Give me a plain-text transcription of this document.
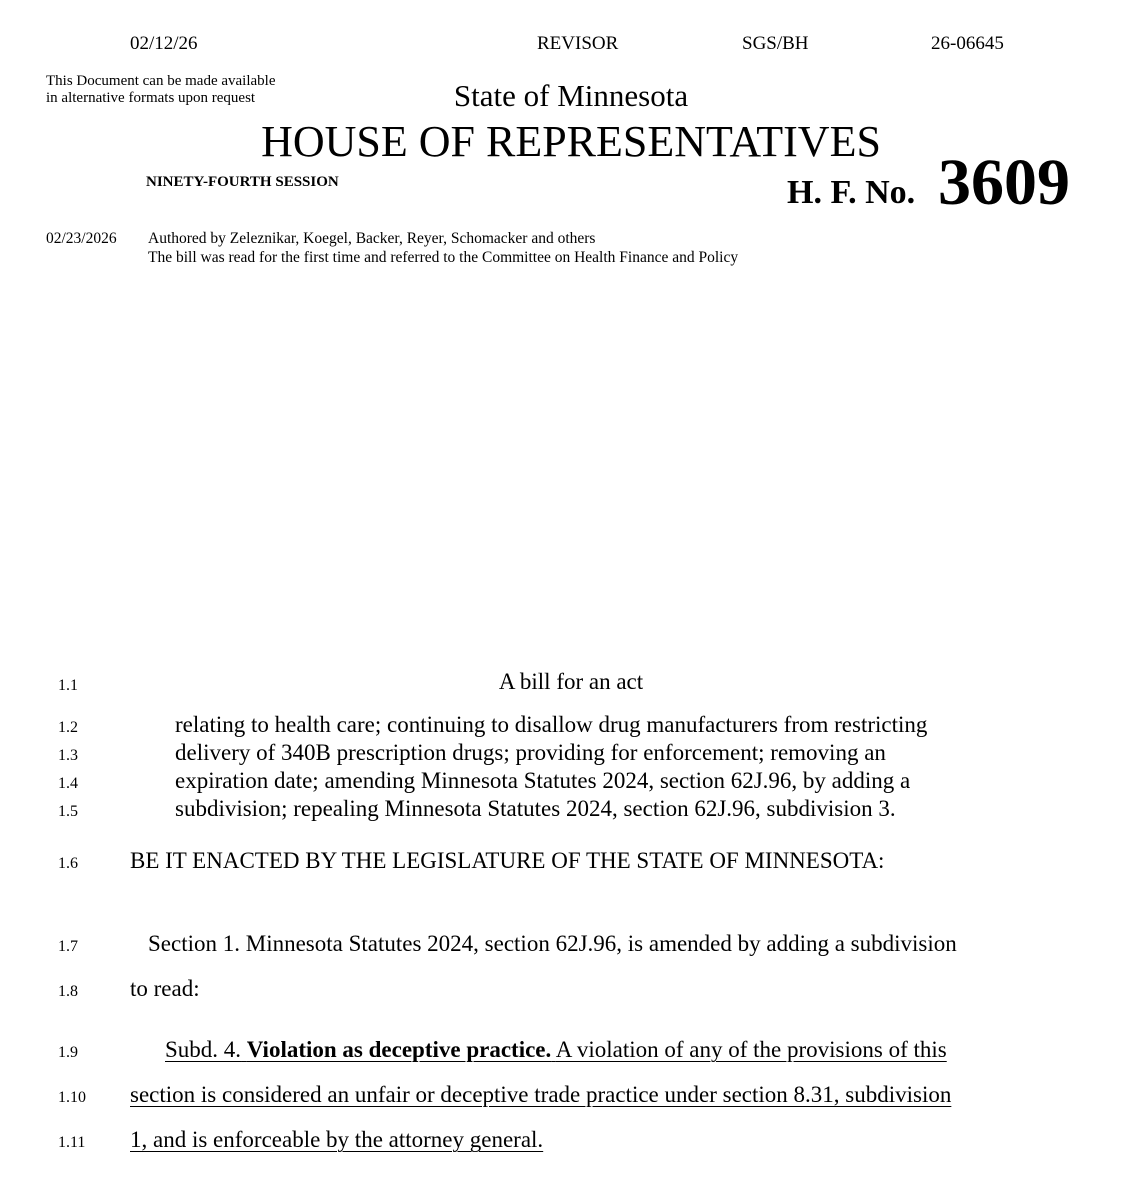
02/12/26	REVISOR	SGS/BH	26-06645
This Document can be made available
in alternative formats upon request	State of Minnesota
HOUSE OF REPRESENTATIVES
NINETY-FOURTH SESSION	H. F. No. 3609
02/23/2026 Authored by Zeleznikar, Koegel, Backer, Reyer, Schomacker and others
The bill was read for the first time and referred to the Committee on Health Finance and Policy
1.1	A bill for an act
1.2	relating to health care; continuing to disallow drug manufacturers from restricting
1.3	delivery of 340B prescription drugs; providing for enforcement; removing an
1.4	expiration date; amending Minnesota Statutes 2024, section 62J.96, by adding a
1.5	subdivision; repealing Minnesota Statutes 2024, section 62J.96, subdivision 3.
1.6 BE IT ENACTED BY THE LEGISLATURE OF THE STATE OF MINNESOTA:
1.7	Section 1. Minnesota Statutes 2024, section 62J.96, is amended by adding a subdivision
1.8 to read:
1.9	Subd. 4. Violation as deceptive practice. A violation of any of the provisions of this
1.10 section is considered an unfair or deceptive trade practice under section 8.31, subdivision
1.11 1, and is enforceable by the attorney general.
